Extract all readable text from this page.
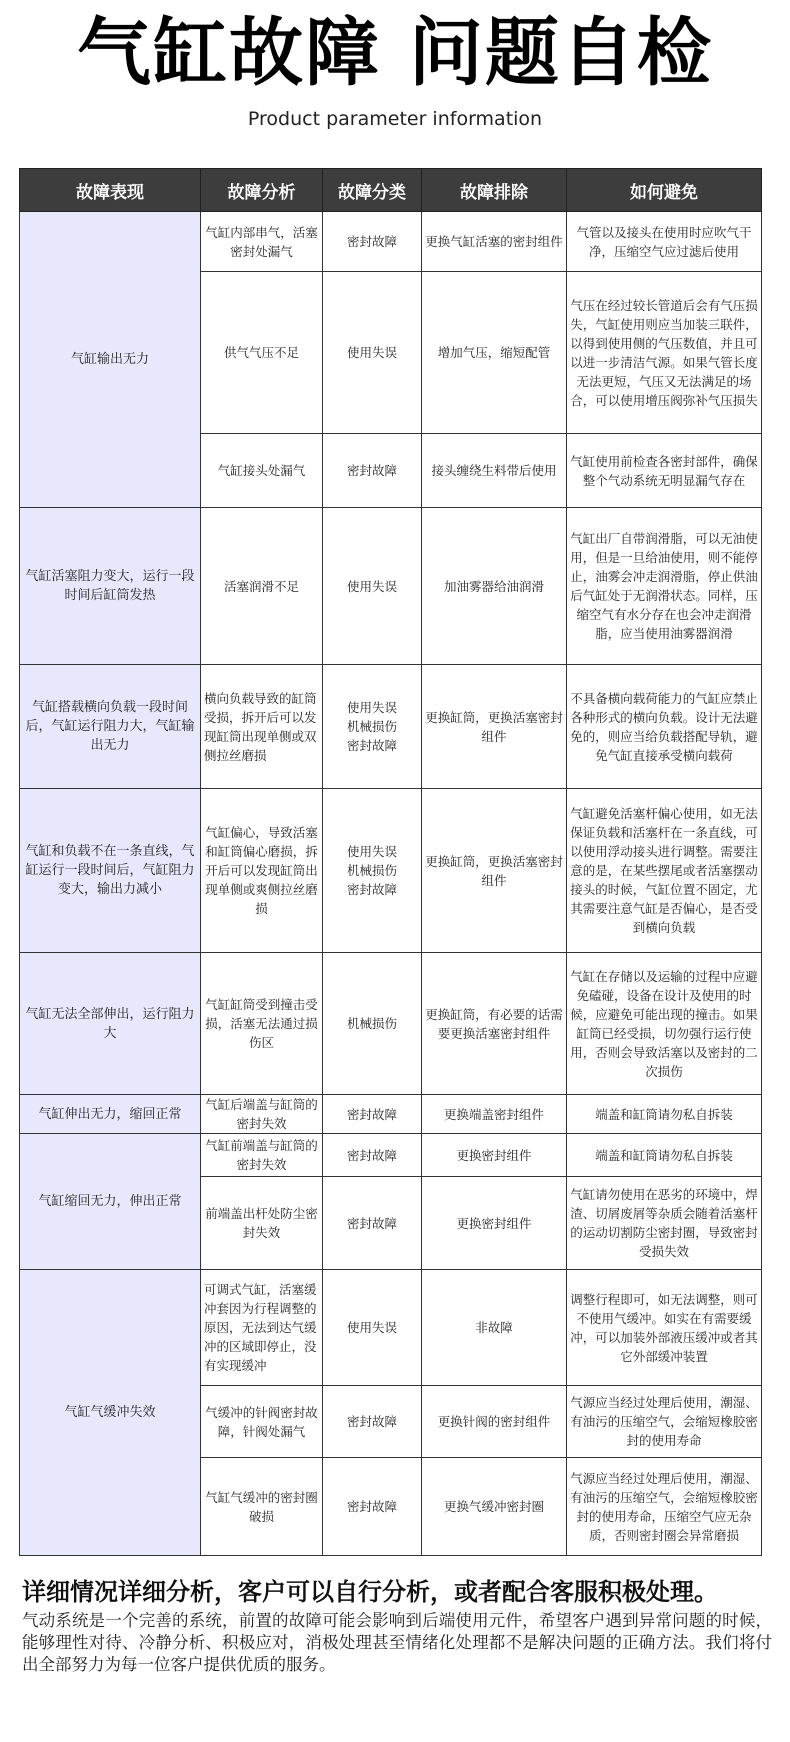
气缸故障 问题自检
Product parameter information
故障表现	故障分析	故障分类	故障排除	如何避免
气缸输出无力	气缸内部串气，活塞密封处漏气	密封故障	更换气缸活塞的密封组件	气管以及接头在使用时应吹气干净，压缩空气应过滤后使用
	供气气压不足	使用失误	增加气压，缩短配管	气压在经过较长管道后会有气压损失，气缸使用则应当加装三联件，以得到使用侧的气压数值，并且可以进一步清洁气源。如果气管长度无法更短，气压又无法满足的场合，可以使用增压阀弥补气压损失
	气缸接头处漏气	密封故障	接头缠绕生料带后使用	气缸使用前检查各密封部件，确保整个气动系统无明显漏气存在
气缸活塞阻力变大，运行一段时间后缸筒发热	活塞润滑不足	使用失误	加油雾器给油润滑	气缸出厂自带润滑脂，可以无油使用，但是一旦给油使用，则不能停止，油雾会冲走润滑脂，停止供油后气缸处于无润滑状态。同样，压缩空气有水分存在也会冲走润滑脂，应当使用油雾器润滑
气缸搭载横向负载一段时间后，气缸运行阻力大，气缸输出无力	横向负载导致的缸筒受损，拆开后可以发现缸筒出现单侧或双侧拉丝磨损	使用失误 机械损伤 密封故障	更换缸筒，更换活塞密封组件	不具备横向载荷能力的气缸应禁止各种形式的横向负载。设计无法避免的，则应当给负载搭配导轨，避免气缸直接承受横向载荷
气缸和负载不在一条直线，气缸运行一段时间后，气缸阻力变大，输出力减小	气缸偏心，导致活塞和缸筒偏心磨损，拆开后可以发现缸筒出现单侧或爽侧拉丝磨损	使用失误 机械损伤 密封故障	更换缸筒，更换活塞密封组件	气缸避免活塞杆偏心使用，如无法保证负载和活塞杆在一条直线，可以使用浮动接头进行调整。需要注意的是，在某些摆尾或者活塞摆动接头的时候，气缸位置不固定，尤其需要注意气缸是否偏心，是否受到横向负载
气缸无法全部伸出，运行阻力大	气缸缸筒受到撞击受损，活塞无法通过损伤区	机械损伤	更换缸筒，有必要的话需要更换活塞密封组件	气缸在存储以及运输的过程中应避免磕碰，设备在设计及使用的时候，应避免可能出现的撞击。如果缸筒已经受损，切勿强行运行使用，否则会导致活塞以及密封的二次损伤
气缸伸出无力，缩回正常	气缸后端盖与缸筒的密封失效	密封故障	更换端盖密封组件	端盖和缸筒请勿私自拆装
气缸缩回无力，伸出正常	气缸前端盖与缸筒的密封失效	密封故障	更换密封组件	端盖和缸筒请勿私自拆装
	前端盖出杆处防尘密封失效	密封故障	更换密封组件	气缸请勿使用在恶劣的环境中，焊渣、切屑废屑等杂质会随着活塞杆的运动切割防尘密封圈，导致密封受损失效
气缸气缓冲失效	可调式气缸，活塞缓冲套因为行程调整的原因，无法到达气缓冲的区域即停止，没有实现缓冲	使用失误	非故障	调整行程即可，如无法调整，则可不使用气缓冲。如实在有需要缓冲，可以加装外部液压缓冲或者其它外部缓冲装置
	气缓冲的针阀密封故障，针阀处漏气	密封故障	更换针阀的密封组件	气源应当经过处理后使用，潮湿、有油污的压缩空气，会缩短橡胶密封的使用寿命
	气缸气缓冲的密封圈破损	密封故障	更换气缓冲密封圈	气源应当经过处理后使用，潮湿、有油污的压缩空气，会缩短橡胶密封的使用寿命，压缩空气应无杂质，否则密封圈会异常磨损
详细情况详细分析，客户可以自行分析，或者配合客服积极处理。
气动系统是一个完善的系统，前置的故障可能会影响到后端使用元件，希望客户遇到异常问题的时候，能够理性对待、冷静分析、积极应对，消极处理甚至情绪化处理都不是解决问题的正确方法。我们将付出全部努力为每一位客户提供优质的服务。
